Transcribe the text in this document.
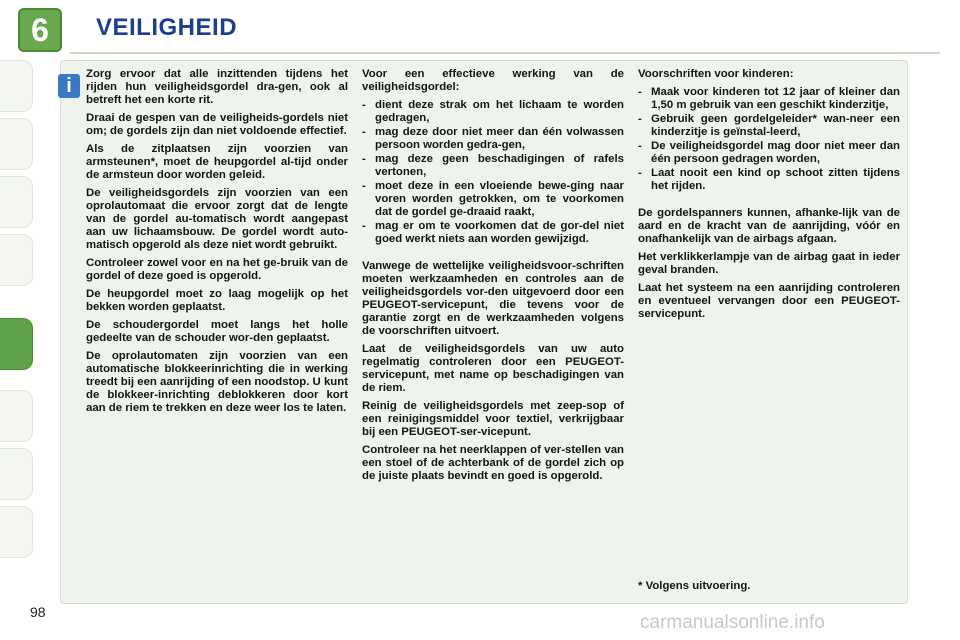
6	VEILIGHEID
i

Zorg ervoor dat alle inzittenden tijdens het rijden hun veiligheidsgordel dra-gen, ook al betreft het een korte rit.

Draai de gespen van de veiligheids-gordels niet om; de gordels zijn dan niet voldoende effectief.

Als de zitplaatsen zijn voorzien van armsteunen*, moet de heupgordel al-tijd onder de armsteun door worden geleid.

De veiligheidsgordels zijn voorzien van een oprolautomaat die ervoor zorgt dat de lengte van de gordel au-tomatisch wordt aangepast aan uw lichaamsbouw. De gordel wordt auto-matisch opgerold als deze niet wordt gebruikt.

Controleer zowel voor en na het ge-bruik van de gordel of deze goed is opgerold.

De heupgordel moet zo laag mogelijk op het bekken worden geplaatst.

De schoudergordel moet langs het holle gedeelte van de schouder wor-den geplaatst.

De oprolautomaten zijn voorzien van een automatische blokkeerinrichting die in werking treedt bij een aanrijding of een noodstop. U kunt de blokkeer-inrichting deblokkeren door kort aan de riem te trekken en deze weer los te laten.

Voor een effectieve werking van de veiligheidsgordel:

- dient deze strak om het lichaam te worden gedragen,
- mag deze door niet meer dan één volwassen persoon worden gedra-gen,
- mag deze geen beschadigingen of rafels vertonen,
- moet deze in een vloeiende bewe-ging naar voren worden getrokken, om te voorkomen dat de gordel ge-draaid raakt,
- mag er om te voorkomen dat de gor-del niet goed werkt niets aan worden gewijzigd.

Vanwege de wettelijke veiligheidsvoor-schriften moeten werkzaamheden en controles aan de veiligheidsgordels vor-den uitgevoerd door een PEUGEOT-servicepunt, die tevens voor de garantie zorgt en de werkzaamheden volgens de voorschriften uitvoert.

Laat de veiligheidsgordels van uw auto regelmatig controleren door een PEUGEOT-servicepunt, met name op beschadigingen van de riem.

Reinig de veiligheidsgordels met zeep-sop of een reinigingsmiddel voor textiel, verkrijgbaar bij een PEUGEOT-ser-vicepunt.

Controleer na het neerklappen of ver-stellen van een stoel of de achterbank of de gordel zich op de juiste plaats bevindt en goed is opgerold.

Voorschriften voor kinderen:

- Maak voor kinderen tot 12 jaar of kleiner dan 1,50 m gebruik van een geschikt kinderzitje,
- Gebruik geen gordelgeleider* wan-neer een kinderzitje is geïnstal-leerd,
- De veiligheidsgordel mag door niet meer dan één persoon gedragen worden,
- Laat nooit een kind op schoot zitten tijdens het rijden.

De gordelspanners kunnen, afhanke-lijk van de aard en de kracht van de aanrijding, vóór en onafhankelijk van de airbags afgaan.

Het verklikkerlampje van de airbag gaat in ieder geval branden.

Laat het systeem na een aanrijding controleren en eventueel vervangen door een PEUGEOT-servicepunt.

* Volgens uitvoering.
98	carmanualsonline.info
